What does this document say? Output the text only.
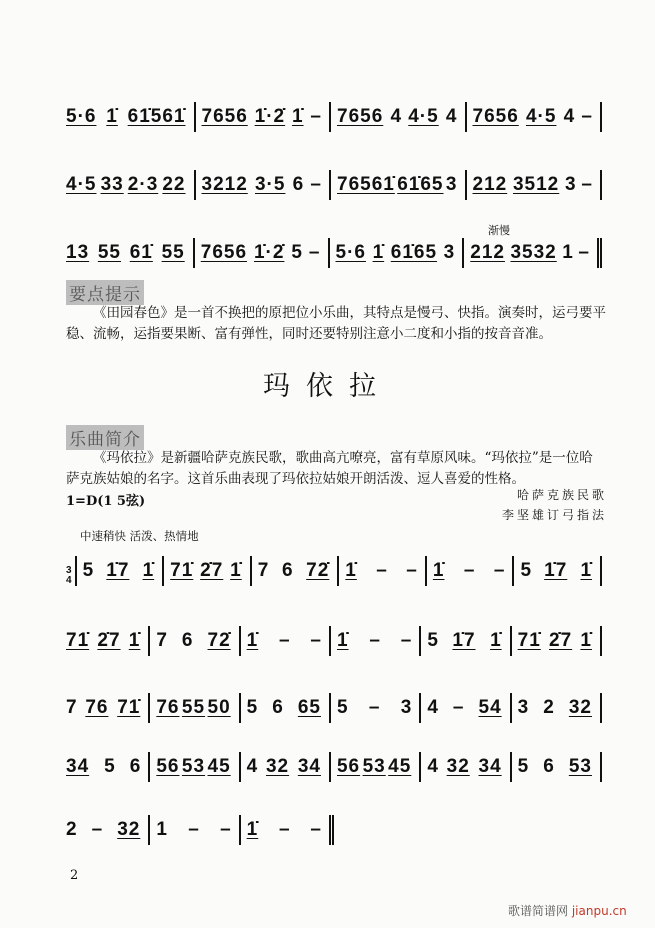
5·6 1̇ 61̇561̇ 7656 1̇·2̇ 1̇ – 7656 4 4·5 4 7656 4·5 4 –
4·5 33 2·3 22 3212 3·5 6 – 76561̇ 61̇65 3 212 3512 3 –
13 55 61̇ 55 7656 1̇·2̇ 5 – 5·6 1̇ 61̇65 3 212 3532 1 –
渐慢
要点提示
《田园春色》是一首不换把的原把位小乐曲，其特点是慢弓、快指。演奏时，运弓要平稳、流畅，运指要果断、富有弹性，同时还要特别注意小二度和小指的按音音准。
玛依拉
乐曲简介
《玛依拉》是新疆哈萨克族民歌，歌曲高亢嘹亮，富有草原风味。“玛依拉”是一位哈萨克族姑娘的名字。这首乐曲表现了玛依拉姑娘开朗活泼、逗人喜爱的性格。
1=D(1 5弦)	哈萨克族民歌
李坚雄订弓指法
中速稍快 活泼、热情地
3
4 5 1̇7 1̇ 71̇ 2̇7 1̇ 7 6 72̇ 1̇ – – 1̇ – – 5 1̇7 1̇
71̇ 2̇7 1̇ 7 6 72̇ 1̇ – – 1̇ – – 5 1̇7 1̇ 71̇ 2̇7 1̇
7 76 71̇ 76 55 50 5 6 65 5 – 3 4 – 54 3 2 32
34 5 6 56 53 45 4 32 34 56 53 45 4 32 34 5 6 53
2 – 32 1 – – 1̇ – –
2
歌谱简谱网 jianpu.cn
